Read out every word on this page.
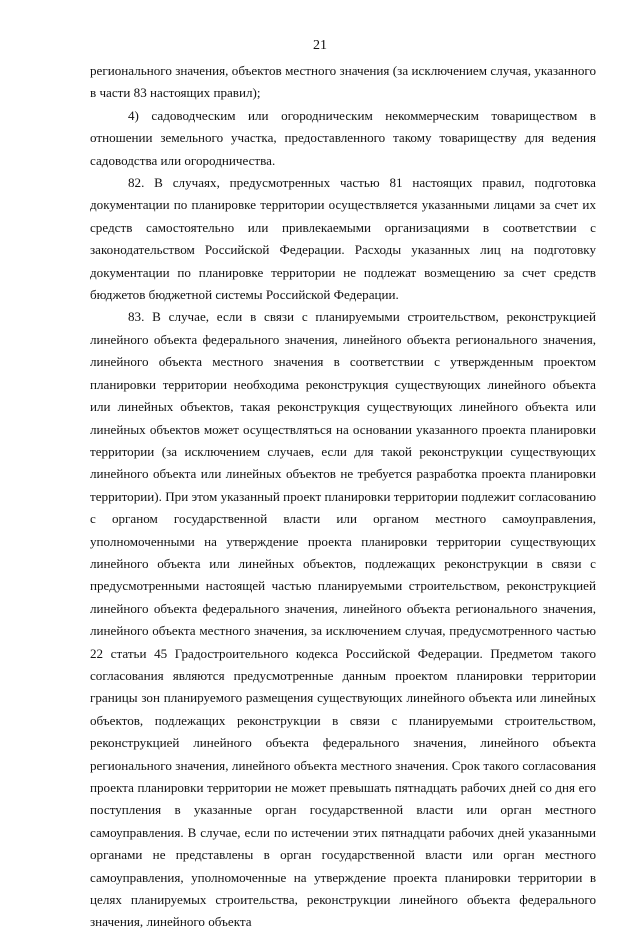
21

регионального значения, объектов местного значения (за исключением случая, указанного в части 83 настоящих правил);

4) садоводческим или огородническим некоммерческим товариществом в отношении земельного участка, предоставленного такому товариществу для ведения садоводства или огородничества.

82. В случаях, предусмотренных частью 81 настоящих правил, подготовка документации по планировке территории осуществляется указанными лицами за счет их средств самостоятельно или привлекаемыми организациями в соответствии с законодательством Российской Федерации. Расходы указанных лиц на подготовку документации по планировке территории не подлежат возмещению за счет средств бюджетов бюджетной системы Российской Федерации.

83. В случае, если в связи с планируемыми строительством, реконструкцией линейного объекта федерального значения, линейного объекта регионального значения, линейного объекта местного значения в соответствии с утвержденным проектом планировки территории необходима реконструкция существующих линейного объекта или линейных объектов, такая реконструкция существующих линейного объекта или линейных объектов может осуществляться на основании указанного проекта планировки территории (за исключением случаев, если для такой реконструкции существующих линейного объекта или линейных объектов не требуется разработка проекта планировки территории). При этом указанный проект планировки территории подлежит согласованию с органом государственной власти или органом местного самоуправления, уполномоченными на утверждение проекта планировки территории существующих линейного объекта или линейных объектов, подлежащих реконструкции в связи с предусмотренными настоящей частью планируемыми строительством, реконструкцией линейного объекта федерального значения, линейного объекта регионального значения, линейного объекта местного значения, за исключением случая, предусмотренного частью 22 статьи 45 Градостроительного кодекса Российской Федерации. Предметом такого согласования являются предусмотренные данным проектом планировки территории границы зон планируемого размещения существующих линейного объекта или линейных объектов, подлежащих реконструкции в связи с планируемыми строительством, реконструкцией линейного объекта федерального значения, линейного объекта регионального значения, линейного объекта местного значения. Срок такого согласования проекта планировки территории не может превышать пятнадцать рабочих дней со дня его поступления в указанные орган государственной власти или орган местного самоуправления. В случае, если по истечении этих пятнадцати рабочих дней указанными органами не представлены в орган государственной власти или орган местного самоуправления, уполномоченные на утверждение проекта планировки территории в целях планируемых строительства, реконструкции линейного объекта федерального значения, линейного объекта
